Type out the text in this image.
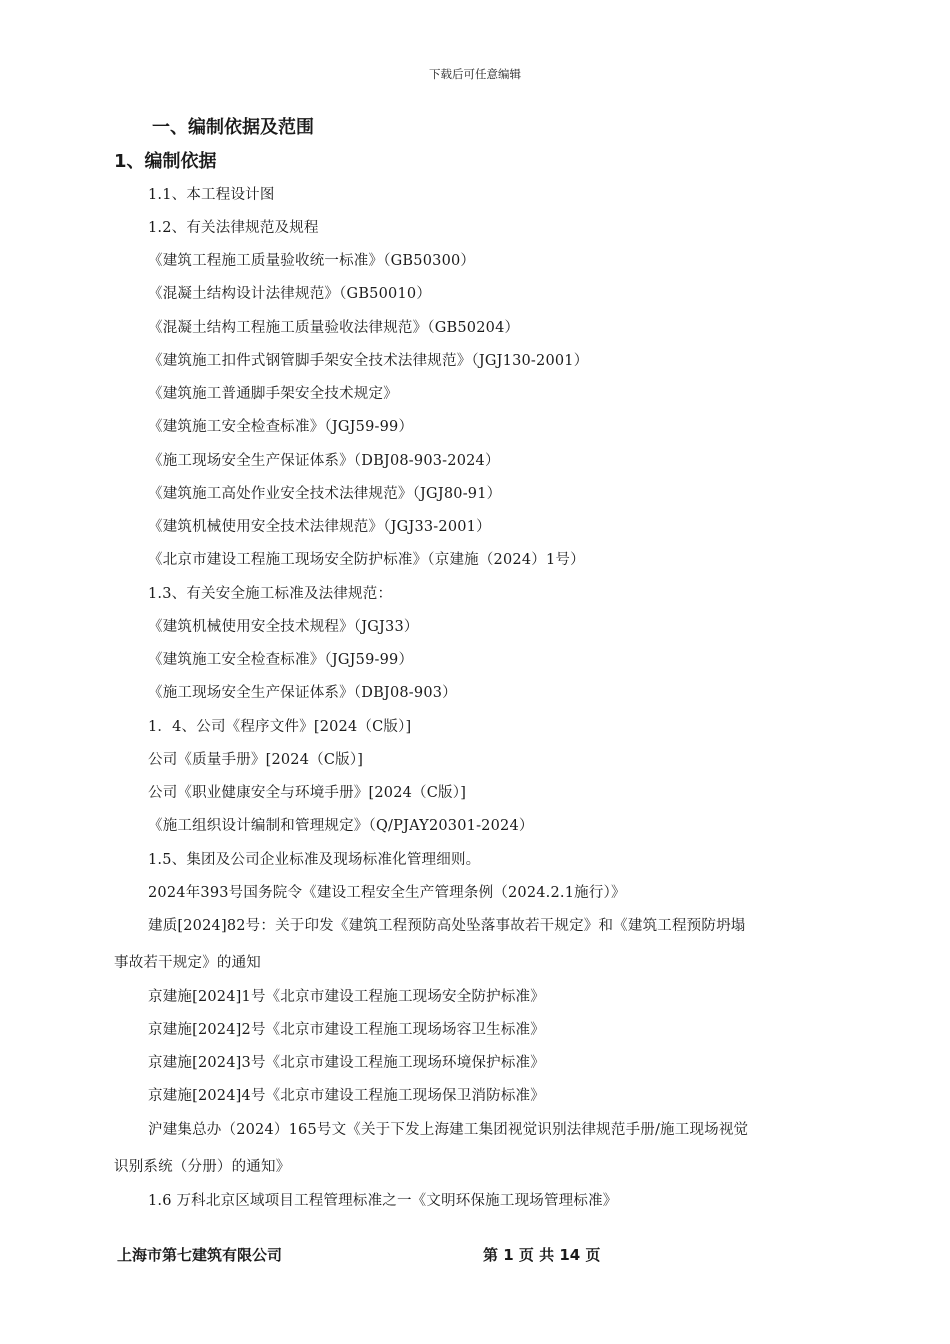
下载后可任意编辑
一、编制依据及范围
1、编制依据
1.1、本工程设计图
1.2、有关法律规范及规程
《建筑工程施工质量验收统一标准》（GB50300）
《混凝土结构设计法律规范》（GB50010）
《混凝土结构工程施工质量验收法律规范》（GB50204）
《建筑施工扣件式钢管脚手架安全技术法律规范》（JGJ130-2001）
《建筑施工普通脚手架安全技术规定》
《建筑施工安全检查标准》（JGJ59-99）
《施工现场安全生产保证体系》（DBJ08-903-2024）
《建筑施工高处作业安全技术法律规范》（JGJ80-91）
《建筑机械使用安全技术法律规范》（JGJ33-2001）
《北京市建设工程施工现场安全防护标准》（京建施（2024）1号）
1.3、有关安全施工标准及法律规范：
《建筑机械使用安全技术规程》（JGJ33）
《建筑施工安全检查标准》（JGJ59-99）
《施工现场安全生产保证体系》（DBJ08-903）
1．4、公司《程序文件》[2024（C版）]
公司《质量手册》[2024（C版）]
公司《职业健康安全与环境手册》[2024（C版）]
《施工组织设计编制和管理规定》（Q/PJAY20301-2024）
1.5、集团及公司企业标准及现场标准化管理细则。
2024年393号国务院令《建设工程安全生产管理条例（2024.2.1施行）》
建质[2024]82号：关于印发《建筑工程预防高处坠落事故若干规定》和《建筑工程预防坍塌
事故若干规定》的通知
京建施[2024]1号《北京市建设工程施工现场安全防护标准》
京建施[2024]2号《北京市建设工程施工现场场容卫生标准》
京建施[2024]3号《北京市建设工程施工现场环境保护标准》
京建施[2024]4号《北京市建设工程施工现场保卫消防标准》
沪建集总办（2024）165号文《关于下发上海建工集团视觉识别法律规范手册/施工现场视觉
识别系统（分册）的通知》
1.6 万科北京区域项目工程管理标准之一《文明环保施工现场管理标准》
上海市第七建筑有限公司	第 1 页 共 14 页
